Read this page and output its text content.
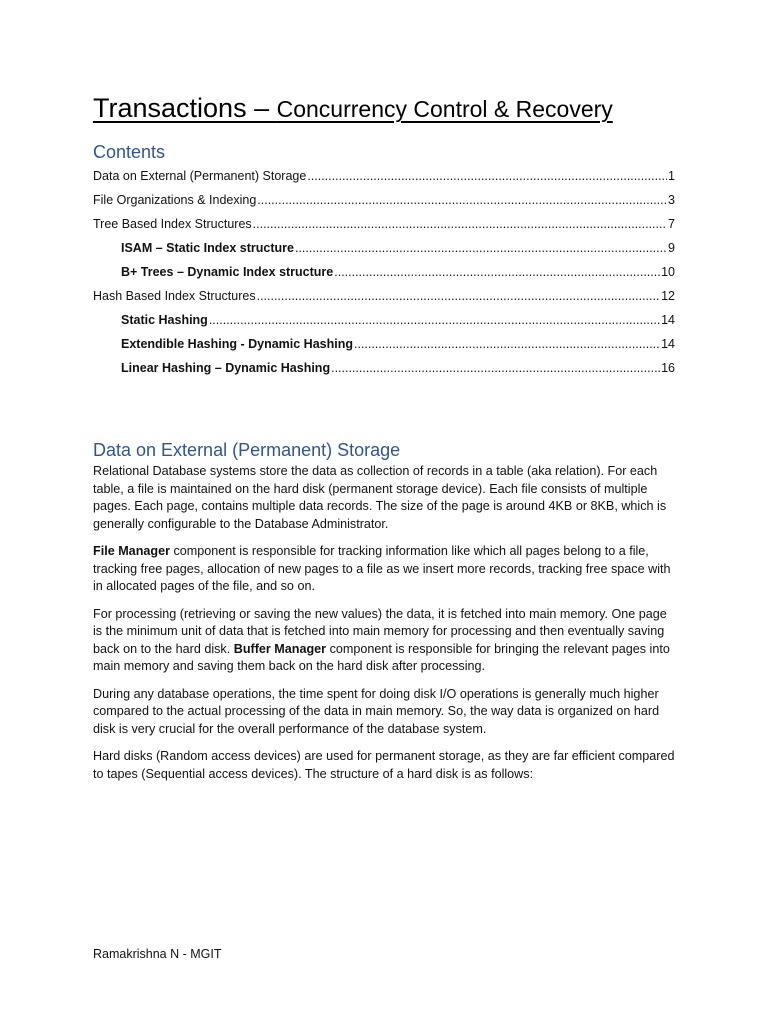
Transactions – Concurrency Control & Recovery
Contents
Data on External (Permanent) Storage .....	1
File Organizations & Indexing .....	3
Tree Based Index Structures .....	7
ISAM – Static Index structure .....	9
B+ Trees – Dynamic Index structure .....	10
Hash Based Index Structures .....	12
Static Hashing .....	14
Extendible Hashing - Dynamic Hashing .....	14
Linear Hashing – Dynamic Hashing .....	16
Data on External (Permanent) Storage

Relational Database systems store the data as collection of records in a table (aka relation). For each table, a file is maintained on the hard disk (permanent storage device). Each file consists of multiple pages. Each page, contains multiple data records. The size of the page is around 4KB or 8KB, which is generally configurable to the Database Administrator.

File Manager component is responsible for tracking information like which all pages belong to a file, tracking free pages, allocation of new pages to a file as we insert more records, tracking free space with in allocated pages of the file, and so on.

For processing (retrieving or saving the new values) the data, it is fetched into main memory. One page is the minimum unit of data that is fetched into main memory for processing and then eventually saving back on to the hard disk. Buffer Manager component is responsible for bringing the relevant pages into main memory and saving them back on the hard disk after processing.

During any database operations, the time spent for doing disk I/O operations is generally much higher compared to the actual processing of the data in main memory. So, the way data is organized on hard disk is very crucial for the overall performance of the database system.

Hard disks (Random access devices) are used for permanent storage, as they are far efficient compared to tapes (Sequential access devices). The structure of a hard disk is as follows:

Ramakrishna N - MGIT
